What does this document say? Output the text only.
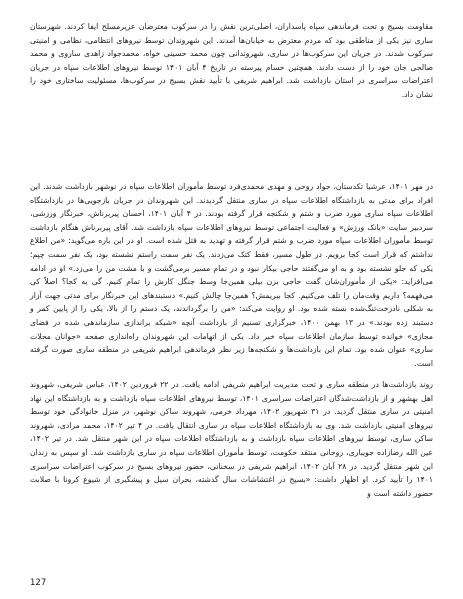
مقاومت بسیج و تحت فرماندهی سپاه پاسداران، اصلی‌ترین نقش را در سرکوب معترضان عزیرمسلح ایفا کردند. شهرستان ساری نیز یکی از مناطقی بود که مردم معترض به خیابان‌ها آمدند. این شهروندان توسط نیروهای انتظامی، نظامی و امنیتی سرکوب شدند. در جریان این سرکوب‌ها در ساری، شهروندانی چون محمد حسینی خواه، محمدجواد زاهدی ساروی و محمد صالحی جان خود را از دست دادند. همچنین حسام پیرسته در تاریخ ۴ آبان ۱۴۰۱ توسط نیروهای اطلاعات سپاه در جریان اعتراضات سراسری در استان بازداشت شد. ابراهیم شریفی با تأیید نقش بسیج در سرکوب‌ها، مسئولیت ساختاری خود را نشان داد.

در مهر ۱۴۰۱، عرشیا تکدستان، جواد روحی و مهدی محمدی‌فرد توسط مأموران اطلاعات سپاه در نوشهر بازداشت شدند. این افراد برای مدتی به بازداشتگاه اطلاعات سپاه در ساری منتقل گردیدند. این شهروندان در جریان بازجویی‌ها در بازداشتگاه اطلاعات سپاه ساری مورد ضرب و شتم و شکنجه قرار گرفته بودند. در ۴ آبان ۱۴۰۱، احسان پیربرناش، خبرنگار ورزشی، سردبیر سایت «بانک ورزش» و فعالیت اجتماعی توسط نیروهای اطلاعات سپاه بازداشت شد. آقای پیربرناش هنگام بازداشت توسط مأموران اطلاعات سپاه مورد ضرب و شتم قرار گرفته و تهدید به قتل شده است. او در این باره می‌گوید: «من اطلاع نداشتم که قرار است کجا برویم. در طول مسیر، فقط کتک می‌زدند. یک نفر سمت راستم نشسته بود، یک نفر سمت چپم؛ یکی که جلو نشسته بود و به او می‌گفتند حاجی بیکار نبود و در تمام مسیر برمی‌گشت و با مشت من را می‌زد.» او در ادامه می‌افزاید: «یکی از مأموران‌شان گفت حاجی بزن بیلی همین‌جا وسط جنگل کارش را تمام کنیم. گی یه کجا؟ اصلاً کی می‌فهمه؟ داریم وقت‌مان را تلف می‌کنیم. کجا ببریمش؟ همین‌جا چالش کنیم.» دستبندهای این خبرنگار برای مدتی جهت آزار به شکلی نادرخت‌تنگ‌شده بسته شده بود. او روایت می‌کند: «من را برگرداندند، یک دستم را از بالا، یکی را از پایین کمر و دستبند زده بودند.» در ۱۳ بهمن ۱۴۰۰، خبرگزاری تسنیم از بازداشت آنچه «شبکه براندازی سازماندهی شده در فضای مجازی» خوانده توسط سازمان اطلاعات سپاه خبر داد. یکی از اتهامات این شهروندان راه‌اندازی صفحه «جوانان محلات ساری» عنوان شده بود. تمام این بازداشت‌ها و شکنجه‌ها زیر نظر فرماندهی ابراهیم شریفی در منطقه ساری صورت گرفته است.

روند بازداشت‌ها در منطقه ساری و تحت مدیریت ابراهیم شریفی ادامه یافت. در ۲۲ فروردین ۱۴۰۲، عباس شریفی، شهروند اهل بهشهر و از بازداشت‌شدگان اعتراضات سراسری ۱۴۰۱، توسط نیروهای اطلاعات سپاه بازداشت و به بازداشتگاه این نهاد امنیتی در ساری منتقل گردید. در ۳۱ شهریور ۱۴۰۲، مهرداد خرمی، شهروند ساکن نوشهر، در منزل خانوادگی خود توسط نیروهای امنیتی بازداشت شد. وی به بازداشتگاه اطلاعات سپاه در ساری انتقال یافت. در ۴ تیر ۱۴۰۲، محمد مرادی، شهروند ساکن ساری، توسط نیروهای اطلاعات سپاه بازداشت و به بازداشتگاه اطلاعات سپاه در این شهر منتقل شد. در تیر ۱۴۰۲، عین الله رضازاده جویباری، روحانی منتقد حکومت، توسط مأموران اطلاعات سپاه در ساری بازداشت شد. او سپس به زندان این شهر منتقل گردید. در ۲۸ آبان ۱۴۰۲، ابراهیم شریفی در سخنانی، حضور نیروهای بسیج در سرکوب اعتراضات سراسری ۱۴۰۱ را تأیید کرد. او اظهار داشت: «بسیج در اغتشاشات سال گذشته، بحران سیل و پیشگیری از شیوع کرونا با صلابت حضور داشته است و

127
